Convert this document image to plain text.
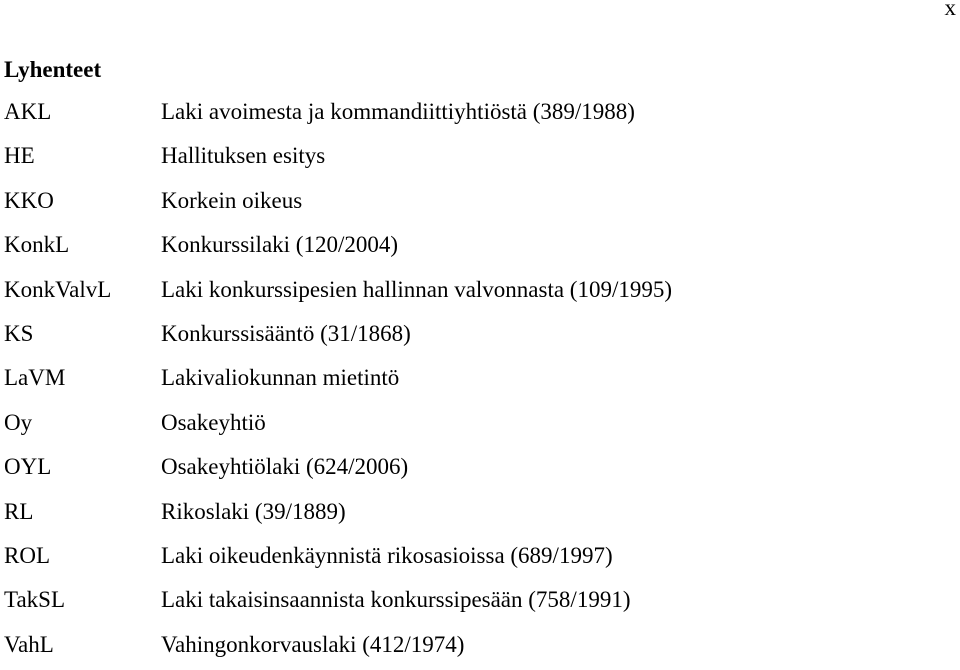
x
Lyhenteet
AKL	Laki avoimesta ja kommandiittiyhtiöstä (389/1988)
HE	Hallituksen esitys
KKO	Korkein oikeus
KonkL	Konkurssilaki (120/2004)
KonkValvL	Laki konkurssipesien hallinnan valvonnasta (109/1995)
KS	Konkurssisääntö (31/1868)
LaVM	Lakivaliokunnan mietintö
Oy	Osakeyhtiö
OYL	Osakeyhtiölaki (624/2006)
RL	Rikoslaki (39/1889)
ROL	Laki oikeudenkäynnistä rikosasioissa (689/1997)
TakSL	Laki takaisinsaannista konkurssipesään (758/1991)
VahL	Vahingonkorvauslaki (412/1974)
